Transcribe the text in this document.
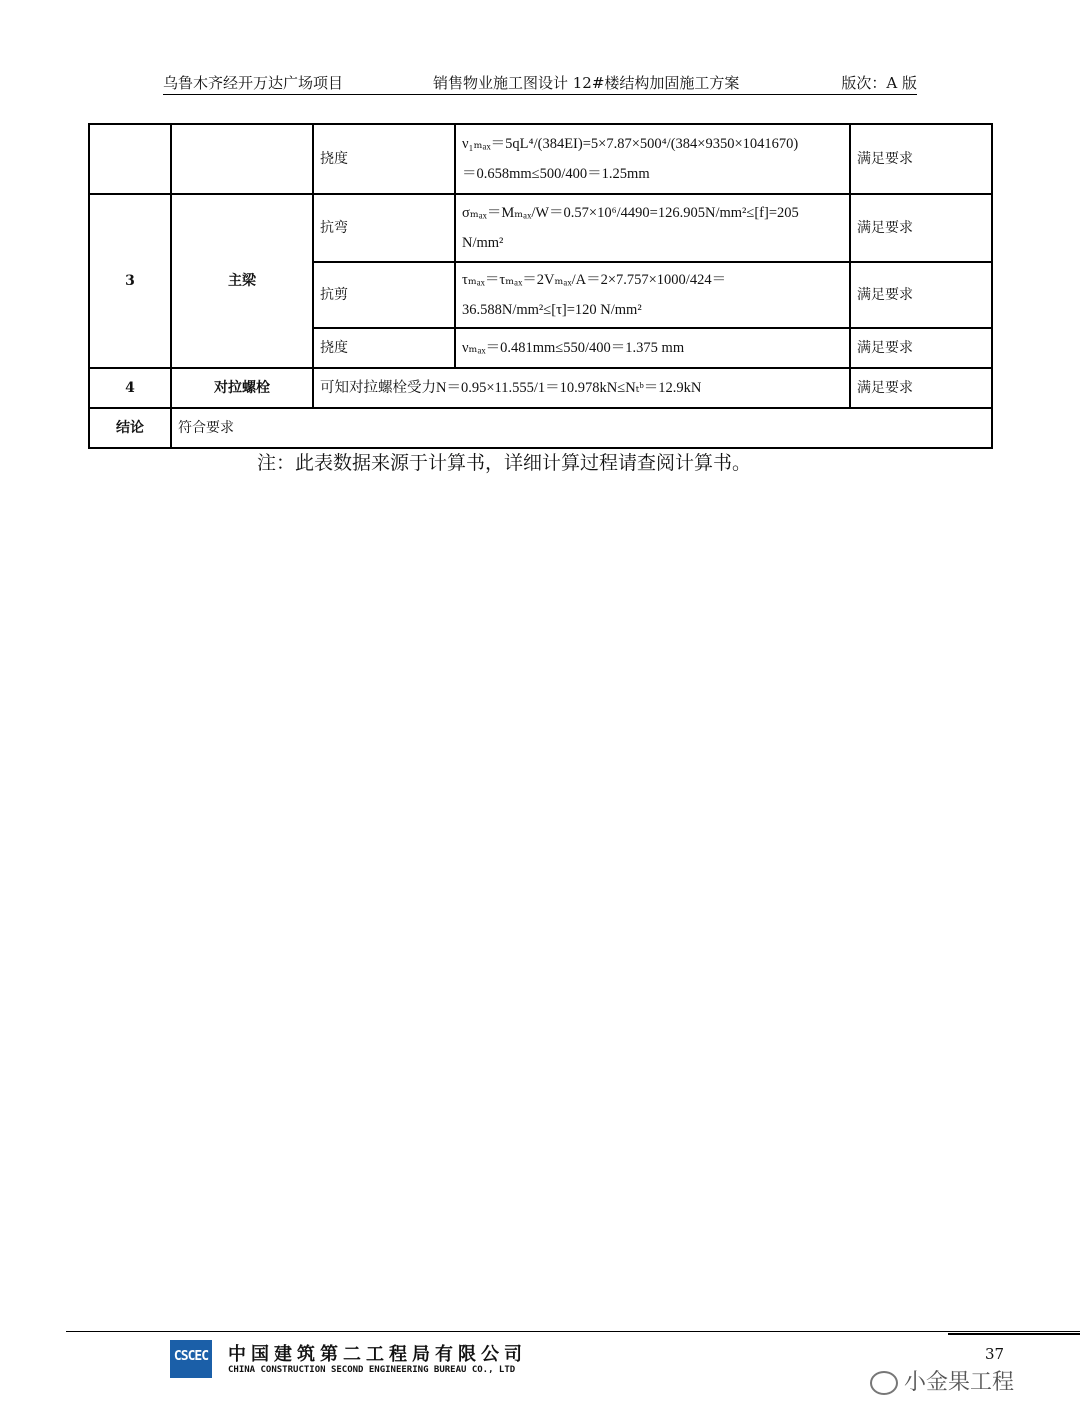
乌鲁木齐经开万达广场项目	销售物业施工图设计 12#楼结构加固施工方案	版次：A 版
		挠度	ν₁ₘₐₓ＝5qL⁴/(384EI)=5×7.87×500⁴/(384×9350×1041670)
＝0.658mm≤500/400＝1.25mm	满足要求
3	主梁	抗弯	σₘₐₓ＝Mₘₐₓ/W＝0.57×10⁶/4490=126.905N/mm²≤[f]=205
N/mm²	满足要求
		抗剪	τₘₐₓ＝τₘₐₓ＝2Vₘₐₓ/A＝2×7.757×1000/424＝
36.588N/mm²≤[τ]=120 N/mm²	满足要求
		挠度	νₘₐₓ＝0.481mm≤550/400＝1.375 mm	满足要求
4	对拉螺栓	可知对拉螺栓受力N＝0.95×11.555/1＝10.978kN≤Nₜᵇ＝12.9kN		满足要求
结论	符合要求			
注：此表数据来源于计算书，详细计算过程请查阅计算书。
CSCEC 中国建筑第二工程局有限公司
CHINA CONSTRUCTION SECOND ENGINEERING BUREAU CO., LTD
37
小金果工程
